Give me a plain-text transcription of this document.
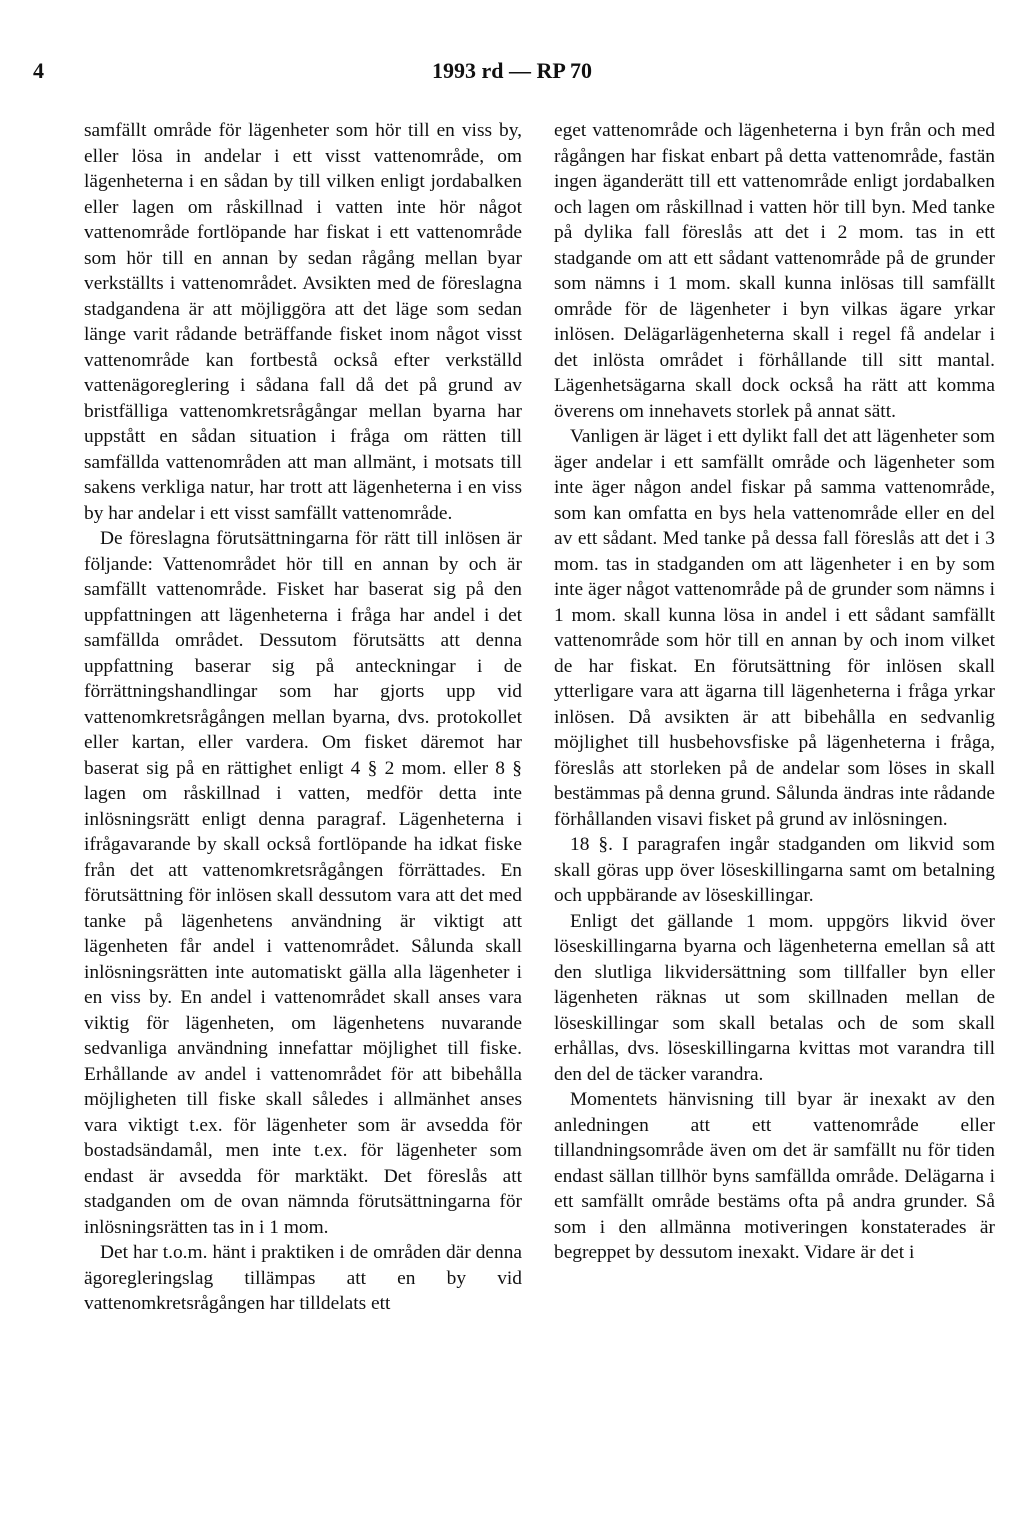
4	1993 rd — RP 70

samfällt område för lägenheter som hör till en viss by, eller lösa in andelar i ett visst vattenområde, om lägenheterna i en sådan by till vilken enligt jordabalken eller lagen om råskillnad i vatten inte hör något vattenområde fortlöpande har fiskat i ett vattenområde som hör till en annan by sedan rågång mellan byar verkställts i vattenområdet. Avsikten med de föreslagna stadgandena är att möjliggöra att det läge som sedan länge varit rådande beträffande fisket inom något visst vattenområde kan fortbestå också efter verkställd vattenägoreglering i sådana fall då det på grund av bristfälliga vattenomkretsrågångar mellan byarna har uppstått en sådan situation i fråga om rätten till samfällda vattenområden att man allmänt, i motsats till sakens verkliga natur, har trott att lägenheterna i en viss by har andelar i ett visst samfällt vattenområde.

De föreslagna förutsättningarna för rätt till inlösen är följande: Vattenområdet hör till en annan by och är samfällt vattenområde. Fisket har baserat sig på den uppfattningen att lägenheterna i fråga har andel i det samfällda området. Dessutom förutsätts att denna uppfattning baserar sig på anteckningar i de förrättningshandlingar som har gjorts upp vid vattenomkretsrågången mellan byarna, dvs. protokollet eller kartan, eller vardera. Om fisket däremot har baserat sig på en rättighet enligt 4 § 2 mom. eller 8 § lagen om råskillnad i vatten, medför detta inte inlösningsrätt enligt denna paragraf. Lägenheterna i ifrågavarande by skall också fortlöpande ha idkat fiske från det att vattenomkretsrågången förrättades. En förutsättning för inlösen skall dessutom vara att det med tanke på lägenhetens användning är viktigt att lägenheten får andel i vattenområdet. Sålunda skall inlösningsrätten inte automatiskt gälla alla lägenheter i en viss by. En andel i vattenområdet skall anses vara viktig för lägenheten, om lägenhetens nuvarande sedvanliga användning innefattar möjlighet till fiske. Erhållande av andel i vattenområdet för att bibehålla möjligheten till fiske skall således i allmänhet anses vara viktigt t.ex. för lägenheter som är avsedda för bostadsändamål, men inte t.ex. för lägenheter som endast är avsedda för marktäkt. Det föreslås att stadganden om de ovan nämnda förutsättningarna för inlösningsrätten tas in i 1 mom.

Det har t.o.m. hänt i praktiken i de områden där denna ägoregleringslag tillämpas att en by vid vattenomkretsrågången har tilldelats ett

eget vattenområde och lägenheterna i byn från och med rågången har fiskat enbart på detta vattenområde, fastän ingen äganderätt till ett vattenområde enligt jordabalken och lagen om råskillnad i vatten hör till byn. Med tanke på dylika fall föreslås att det i 2 mom. tas in ett stadgande om att ett sådant vattenområde på de grunder som nämns i 1 mom. skall kunna inlösas till samfällt område för de lägenheter i byn vilkas ägare yrkar inlösen. Delägarlägenheterna skall i regel få andelar i det inlösta området i förhållande till sitt mantal. Lägenhetsägarna skall dock också ha rätt att komma överens om innehavets storlek på annat sätt.

Vanligen är läget i ett dylikt fall det att lägenheter som äger andelar i ett samfällt område och lägenheter som inte äger någon andel fiskar på samma vattenområde, som kan omfatta en bys hela vattenområde eller en del av ett sådant. Med tanke på dessa fall föreslås att det i 3 mom. tas in stadganden om att lägenheter i en by som inte äger något vattenområde på de grunder som nämns i 1 mom. skall kunna lösa in andel i ett sådant samfällt vattenområde som hör till en annan by och inom vilket de har fiskat. En förutsättning för inlösen skall ytterligare vara att ägarna till lägenheterna i fråga yrkar inlösen. Då avsikten är att bibehålla en sedvanlig möjlighet till husbehovsfiske på lägenheterna i fråga, föreslås att storleken på de andelar som löses in skall bestämmas på denna grund. Sålunda ändras inte rådande förhållanden visavi fisket på grund av inlösningen.

18 §. I paragrafen ingår stadganden om likvid som skall göras upp över löseskillingarna samt om betalning och uppbärande av löseskillingar.

Enligt det gällande 1 mom. uppgörs likvid över löseskillingarna byarna och lägenheterna emellan så att den slutliga likvidersättning som tillfaller byn eller lägenheten räknas ut som skillnaden mellan de löseskillingar som skall betalas och de som skall erhållas, dvs. löseskillingarna kvittas mot varandra till den del de täcker varandra.

Momentets hänvisning till byar är inexakt av den anledningen att ett vattenområde eller tillandningsområde även om det är samfällt nu för tiden endast sällan tillhör byns samfällda område. Delägarna i ett samfällt område bestäms ofta på andra grunder. Så som i den allmänna motiveringen konstaterades är begreppet by dessutom inexakt. Vidare är det i
